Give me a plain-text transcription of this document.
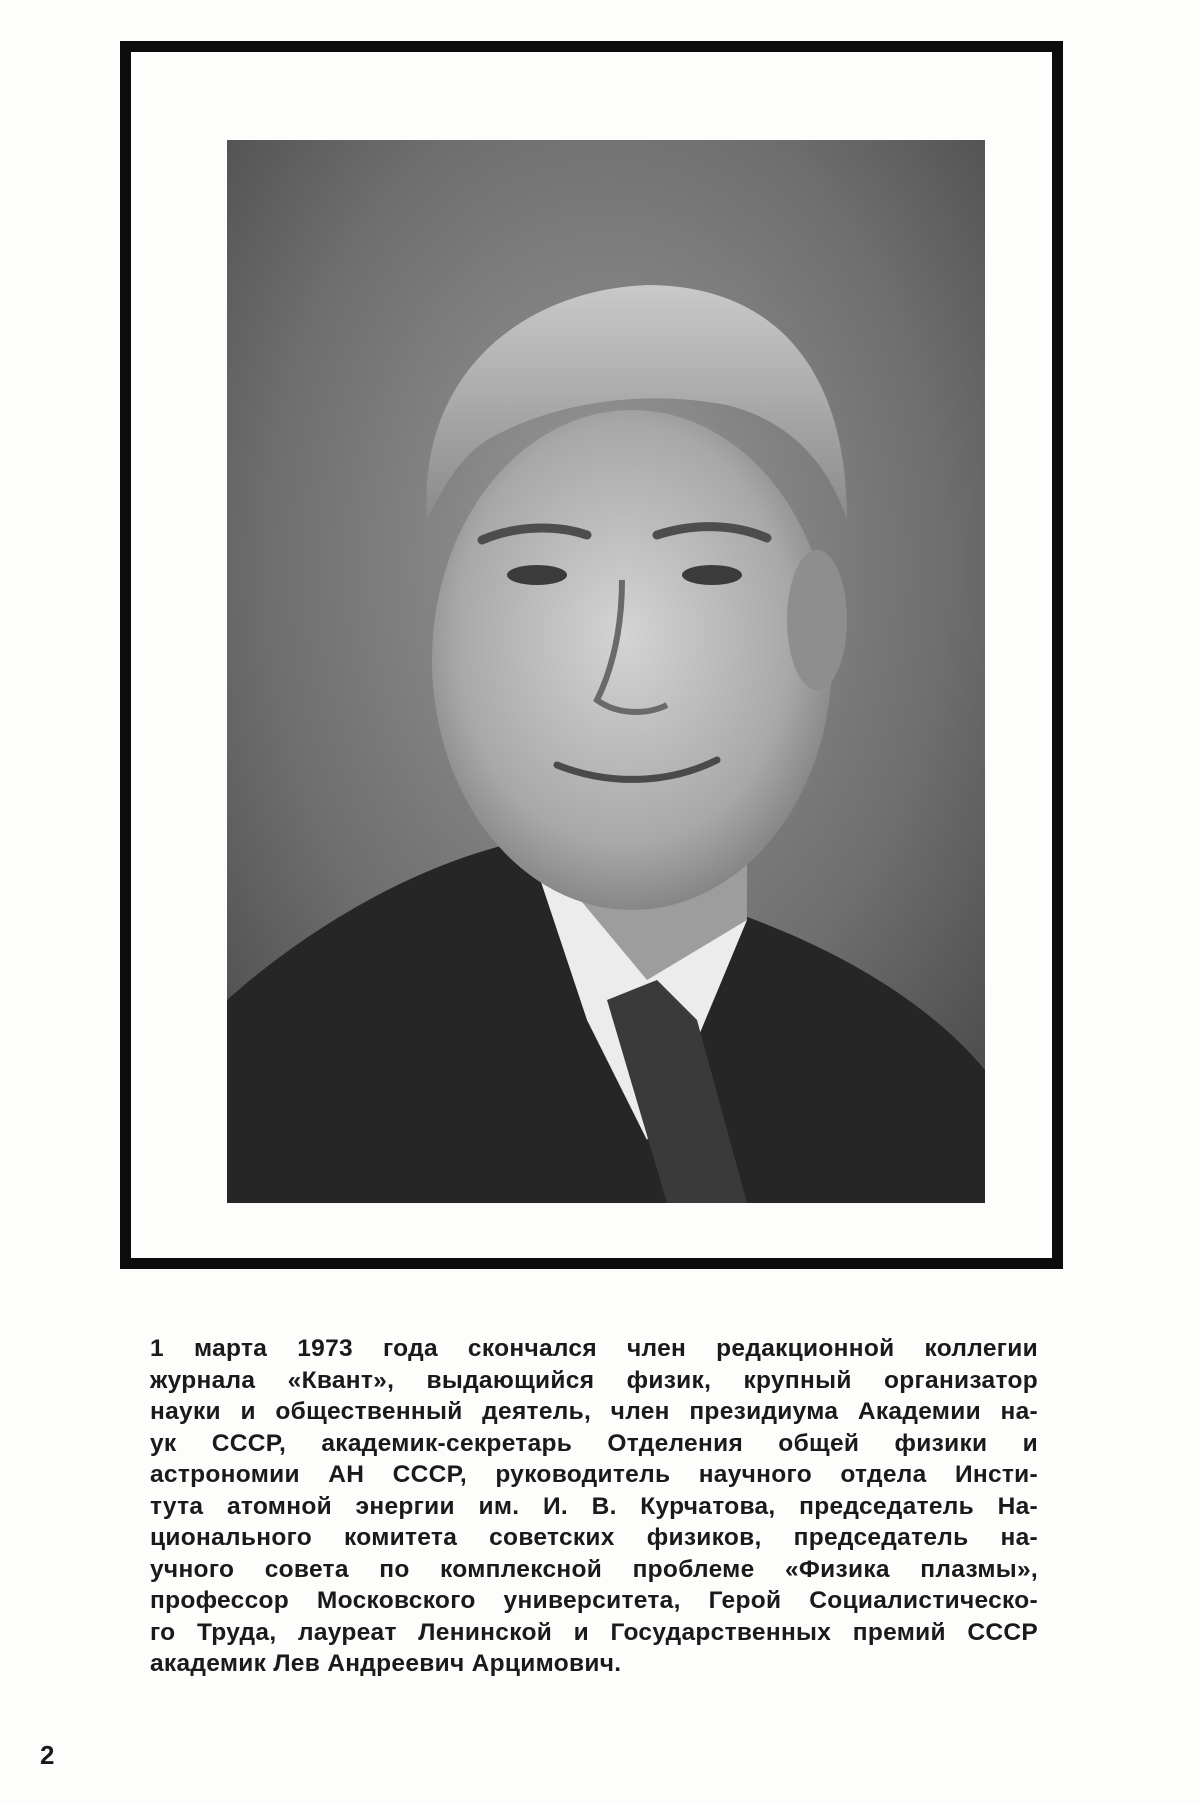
1 марта 1973 года скончался член редакционной коллегии
журнала «Квант», выдающийся физик, крупный организатор
науки и общественный деятель, член президиума Академии на-
ук СССР, академик-секретарь Отделения общей физики и
астрономии АН СССР, руководитель научного отдела Инсти-
тута атомной энергии им. И. В. Курчатова, председатель На-
ционального комитета советских физиков, председатель на-
учного совета по комплексной проблеме «Физика плазмы»,
профессор Московского университета, Герой Социалистическо-
го Труда, лауреат Ленинской и Государственных премий СССР
академик Лев Андреевич Арцимович.
2
